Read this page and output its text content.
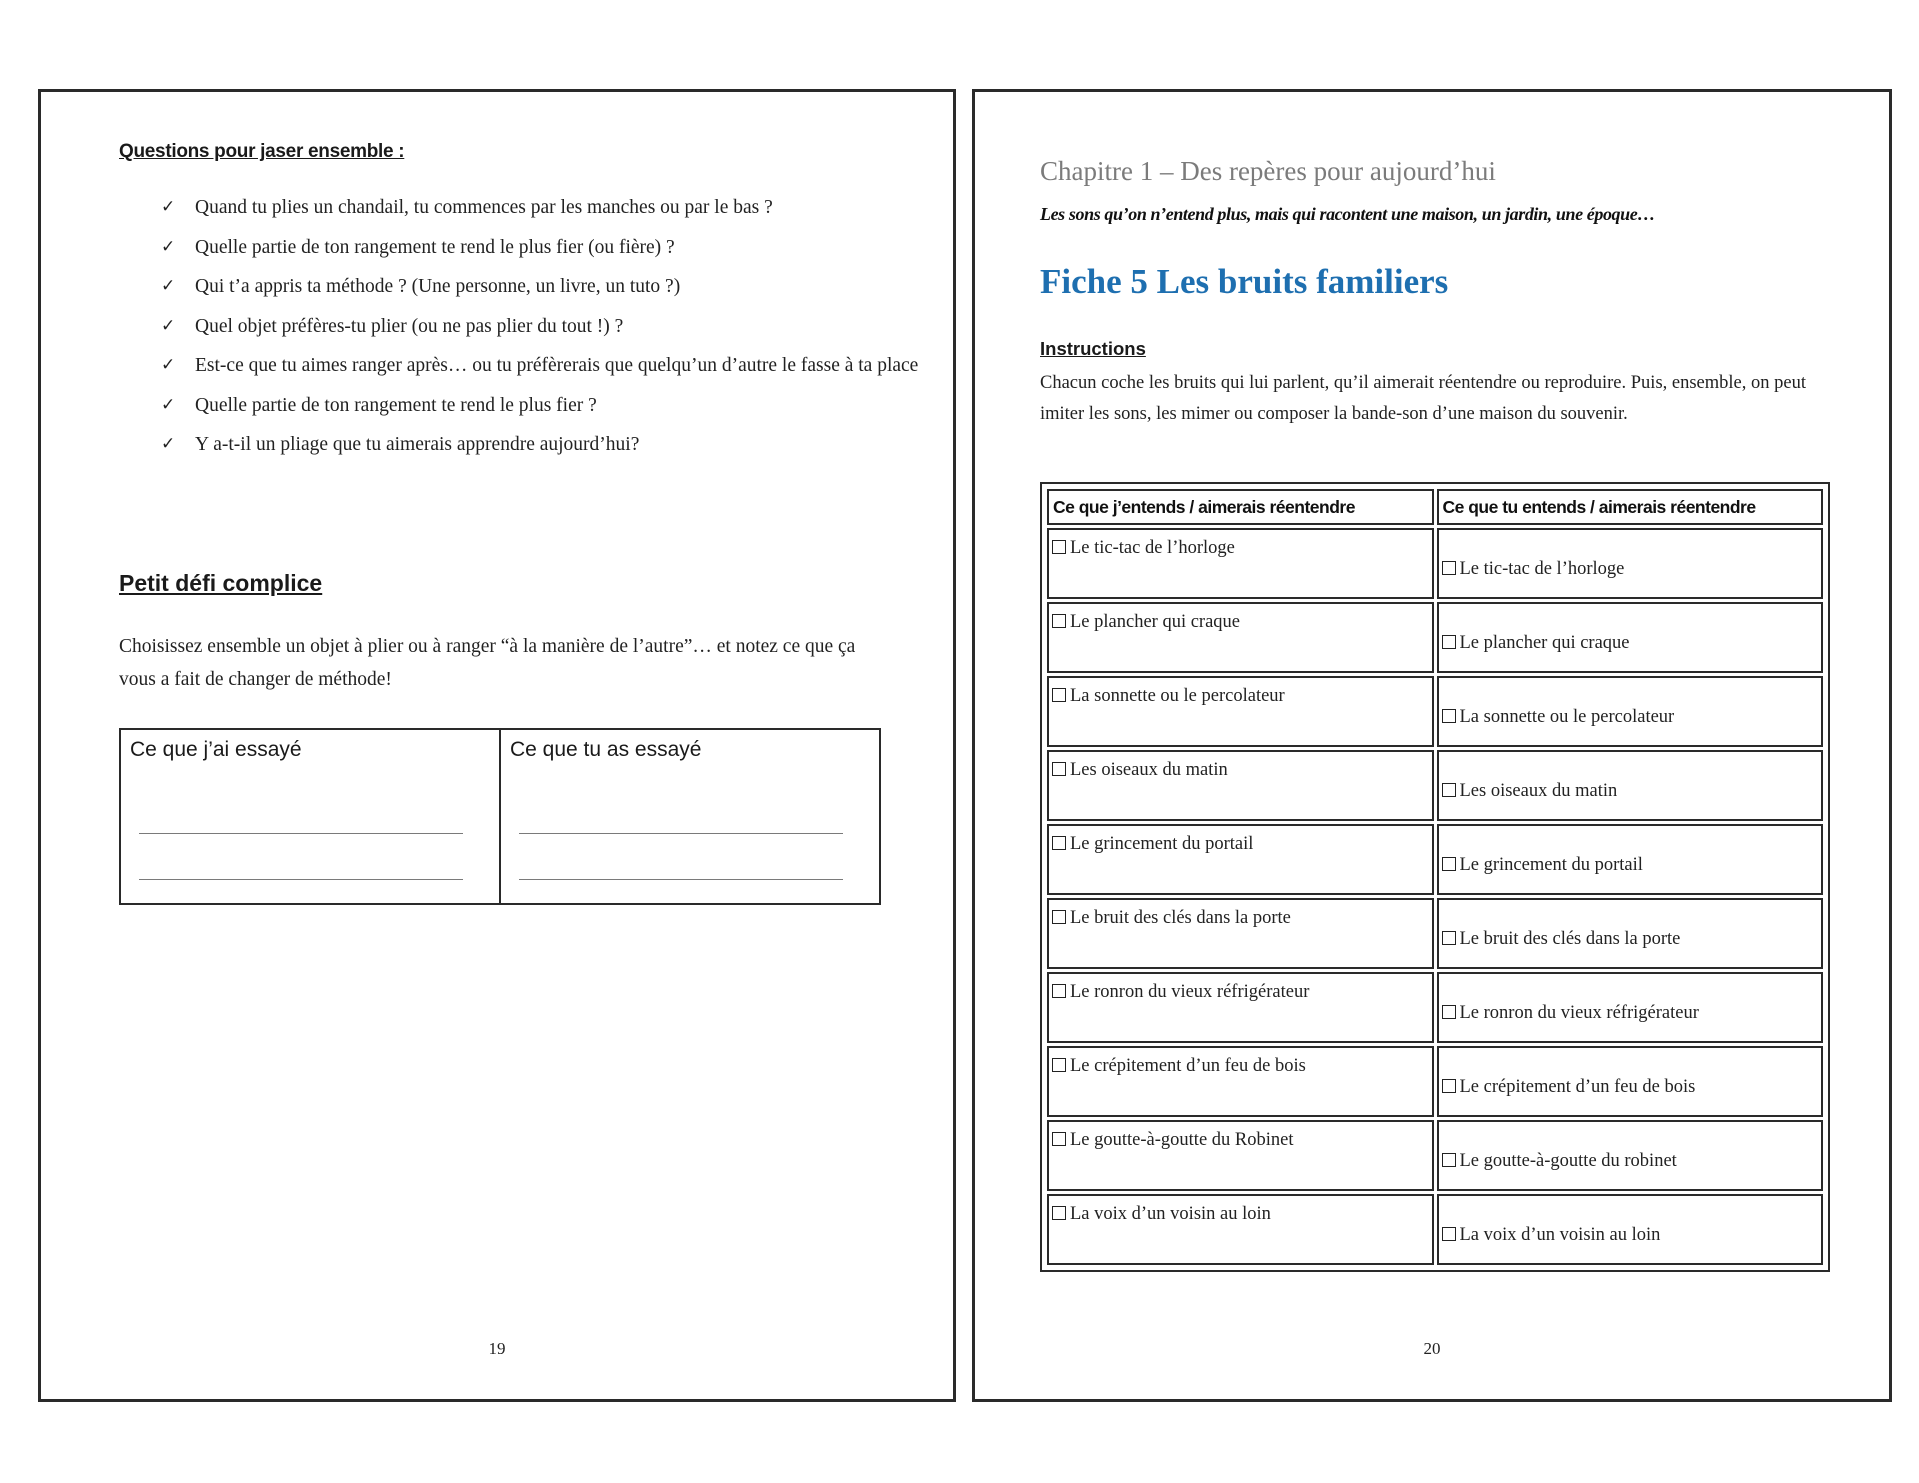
Questions pour jaser ensemble :
✓	Quand tu plies un chandail, tu commences par les manches ou par le bas ?
✓	Quelle partie de ton rangement te rend le plus fier (ou fière) ?
✓	Qui t’a appris ta méthode ? (Une personne, un livre, un tuto ?)
✓	Quel objet préfères-tu plier (ou ne pas plier du tout !) ?
✓	Est-ce que tu aimes ranger après… ou tu préfèrerais que quelqu’un d’autre le fasse à ta place
✓	Quelle partie de ton rangement te rend le plus fier ?
✓	Y a-t-il un pliage que tu aimerais apprendre aujourd’hui?
Petit défi complice

Choisissez ensemble un objet à plier ou à ranger “à la manière de l’autre”… et notez ce que ça vous a fait de changer de méthode!

Ce que j’ai essayé	Ce que tu as essayé
19
Chapitre 1 – Des repères pour aujourd’hui
Les sons qu’on n’entend plus, mais qui racontent une maison, un jardin, une époque…
Fiche 5 Les bruits familiers
Instructions

Chacun coche les bruits qui lui parlent, qu’il aimerait réentendre ou reproduire. Puis, ensemble, on peut imiter les sons, les mimer ou composer la bande-son d’une maison du souvenir.

Ce que j’entends / aimerais réentendre	Ce que tu entends / aimerais réentendre
Le tic-tac de l’horloge	Le tic-tac de l’horloge
Le plancher qui craque	Le plancher qui craque
La sonnette ou le percolateur	La sonnette ou le percolateur
Les oiseaux du matin	Les oiseaux du matin
Le grincement du portail	Le grincement du portail
Le bruit des clés dans la porte	Le bruit des clés dans la porte
Le ronron du vieux réfrigérateur	Le ronron du vieux réfrigérateur
Le crépitement d’un feu de bois	Le crépitement d’un feu de bois
Le goutte-à-goutte du Robinet	Le goutte-à-goutte du robinet
La voix d’un voisin au loin	La voix d’un voisin au loin
20
